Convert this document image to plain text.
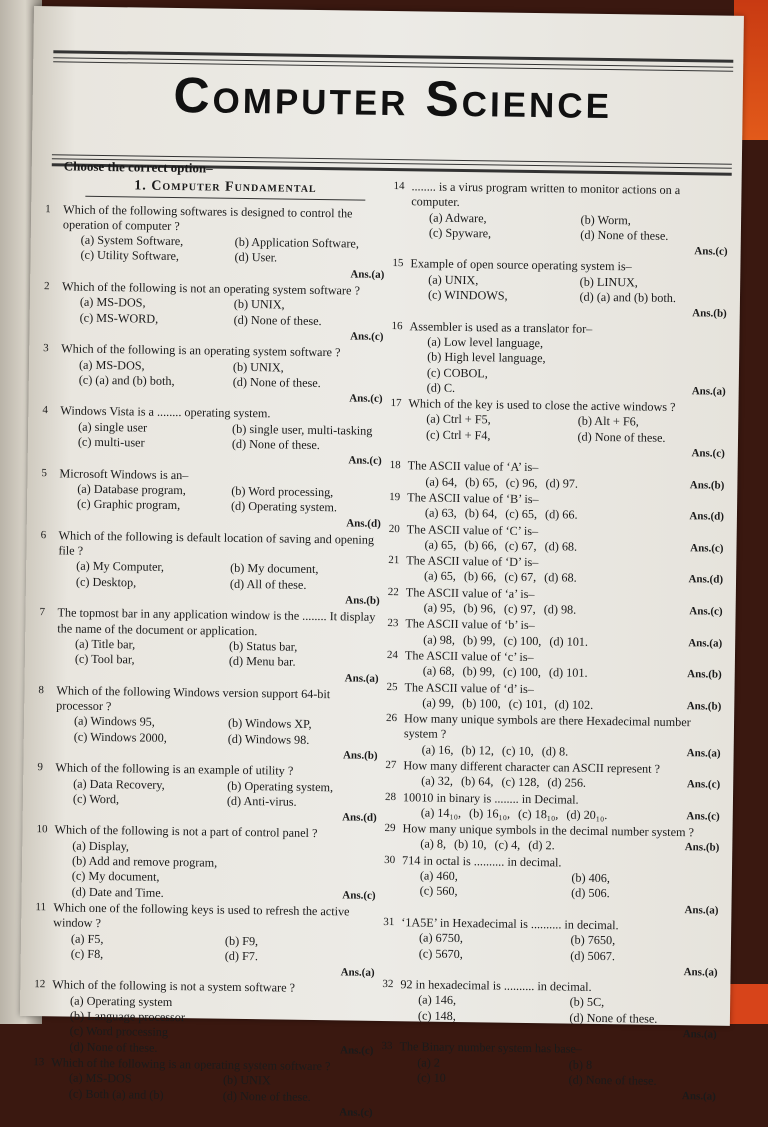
Computer Science
Choose the correct option–
1. Computer Fundamental
1 Which of the following softwares is designed to control the operation of computer ?
(a) System Software,	(b) Application Software,
(c) Utility Software,	(d) User.
Ans.(a)
2 Which of the following is not an operating system software ?
(a) MS-DOS,	(b) UNIX,
(c) MS-WORD,	(d) None of these.
Ans.(c)
3 Which of the following is an operating system software ?
(a) MS-DOS,	(b) UNIX,
(c) (a) and (b) both,	(d) None of these.
Ans.(c)
4 Windows Vista is a ........ operating system.
(a) single user	(b) single user, multi-tasking
(c) multi-user	(d) None of these.
Ans.(c)
5 Microsoft Windows is an–
(a) Database program,	(b) Word processing,
(c) Graphic program,	(d) Operating system.
Ans.(d)
6 Which of the following is default location of saving and opening file ?
(a) My Computer,	(b) My document,
(c) Desktop,	(d) All of these.
Ans.(b)
7 The topmost bar in any application window is the ........ It display the name of the document or application.
(a) Title bar,	(b) Status bar,
(c) Tool bar,	(d) Menu bar.
Ans.(a)
8 Which of the following Windows version support 64-bit processor ?
(a) Windows 95,	(b) Windows XP,
(c) Windows 2000,	(d) Windows 98.
Ans.(b)
9 Which of the following is an example of utility ?
(a) Data Recovery,	(b) Operating system,
(c) Word,	(d) Anti-virus.
Ans.(d)
10 Which of the following is not a part of control panel ?
(a) Display,
(b) Add and remove program,
(c) My document,
(d) Date and Time.	Ans.(c)
11 Which one of the following keys is used to refresh the active window ?
(a) F5,	(b) F9,
(c) F8,	(d) F7.
Ans.(a)
12 Which of the following is not a system software ?
(a) Operating system
(b) Language processor
(c) Word processing
(d) None of these.	Ans.(c)
13 Which of the following is an operating system software ?
(a) MS-DOS	(b) UNIX
(c) Both (a) and (b)	(d) None of these.
Ans.(c)
14 ........ is a virus program written to monitor actions on a computer.
(a) Adware,	(b) Worm,
(c) Spyware,	(d) None of these.
Ans.(c)
15 Example of open source operating system is–
(a) UNIX,	(b) LINUX,
(c) WINDOWS,	(d) (a) and (b) both.
Ans.(b)
16 Assembler is used as a translator for–
(a) Low level language,
(b) High level language,
(c) COBOL,
(d) C.	Ans.(a)
17 Which of the key is used to close the active windows ?
(a) Ctrl + F5,	(b) Alt + F6,
(c) Ctrl + F4,	(d) None of these.
Ans.(c)
18 The ASCII value of ‘A’ is–
(a) 64, (b) 65, (c) 96, (d) 97.	Ans.(b)
19 The ASCII value of ‘B’ is–
(a) 63, (b) 64, (c) 65, (d) 66.	Ans.(d)
20 The ASCII value of ‘C’ is–
(a) 65, (b) 66, (c) 67, (d) 68.	Ans.(c)
21 The ASCII value of ‘D’ is–
(a) 65, (b) 66, (c) 67, (d) 68.	Ans.(d)
22 The ASCII value of ‘a’ is–
(a) 95, (b) 96, (c) 97, (d) 98.	Ans.(c)
23 The ASCII value of ‘b’ is–
(a) 98, (b) 99, (c) 100, (d) 101.	Ans.(a)
24 The ASCII value of ‘c’ is–
(a) 68, (b) 99, (c) 100, (d) 101.	Ans.(b)
25 The ASCII value of ‘d’ is–
(a) 99, (b) 100, (c) 101, (d) 102.	Ans.(b)
26 How many unique symbols are there Hexadecimal number system ?
(a) 16, (b) 12, (c) 10, (d) 8.	Ans.(a)
27 How many different character can ASCII represent ?
(a) 32, (b) 64, (c) 128, (d) 256.	Ans.(c)
28 10010 in binary is ........ in Decimal.
(a) 14₁₀, (b) 16₁₀, (c) 18₁₀, (d) 20₁₀.	Ans.(c)
29 How many unique symbols in the decimal number system ?
(a) 8, (b) 10, (c) 4, (d) 2.	Ans.(b)
30 714 in octal is .......... in decimal.
(a) 460,	(b) 406,
(c) 560,	(d) 506.
Ans.(a)
31 ‘1A5E’ in Hexadecimal is .......... in decimal.
(a) 6750,	(b) 7650,
(c) 5670,	(d) 5067.
Ans.(a)
32 92 in hexadecimal is .......... in decimal.
(a) 146,	(b) 5C,
(c) 148,	(d) None of these.
Ans.(a)
33 The Binary number system has base–
(a) 2	(b) 8
(c) 10	(d) None of these.
Ans.(a)
